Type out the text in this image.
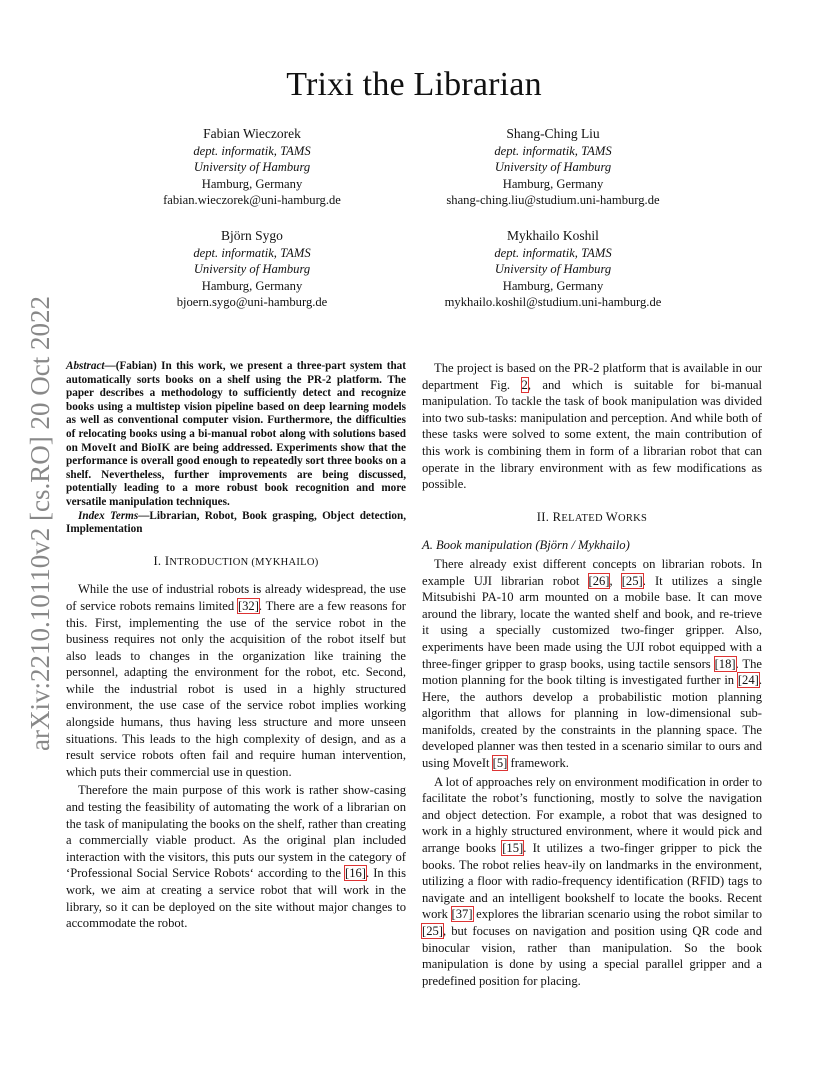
arXiv:2210.10110v2 [cs.RO] 20 Oct 2022
Trixi the Librarian
Fabian Wieczorek
dept. informatik, TAMS
University of Hamburg
Hamburg, Germany
fabian.wieczorek@uni-hamburg.de
Shang-Ching Liu
dept. informatik, TAMS
University of Hamburg
Hamburg, Germany
shang-ching.liu@studium.uni-hamburg.de
Björn Sygo
dept. informatik, TAMS
University of Hamburg
Hamburg, Germany
bjoern.sygo@uni-hamburg.de
Mykhailo Koshil
dept. informatik, TAMS
University of Hamburg
Hamburg, Germany
mykhailo.koshil@studium.uni-hamburg.de

Abstract—(Fabian) In this work, we present a three-part system that automatically sorts books on a shelf using the PR-2 platform. The paper describes a methodology to sufficiently detect and recognize books using a multistep vision pipeline based on deep learning models as well as conventional computer vision. Furthermore, the difficulties of relocating books using a bi-manual robot along with solutions based on MoveIt and BioIK are being addressed. Experiments show that the performance is overall good enough to repeatedly sort three books on a shelf. Nevertheless, further improvements are being discussed, potentially leading to a more robust book recognition and more versatile manipulation techniques.

Index Terms—Librarian, Robot, Book grasping, Object detection, Implementation

I. INTRODUCTION (MYKHAILO)

While the use of industrial robots is already widespread, the use of service robots remains limited [32]. There are a few reasons for this. First, implementing the use of the service robot in the business requires not only the acquisition of the robot itself but also leads to changes in the organization like training the personnel, adapting the environment for the robot, etc. Second, while the industrial robot is used in a highly structured environment, the use case of the service robot implies working alongside humans, thus having less structure and more unseen situations. This leads to the high complexity of design, and as a result service robots often fail and require human intervention, which puts their commercial use in question.

Therefore the main purpose of this work is rather show-casing and testing the feasibility of automating the work of a librarian on the task of manipulating the books on the shelf, rather than creating a commercially viable product. As the original plan included interaction with the visitors, this puts our system in the category of ‘Professional Social Service Robots‘ according to the [16]. In this work, we aim at creating a service robot that will work in the library, so it can be deployed on the site without major changes to accommodate the robot.

The project is based on the PR-2 platform that is available in our department Fig. 2, and which is suitable for bi-manual manipulation. To tackle the task of book manipulation was divided into two sub-tasks: manipulation and perception. And while both of these tasks were solved to some extent, the main contribution of this work is combining them in form of a librarian robot that can operate in the library environment with as few modifications as possible.

II. RELATED WORKS
A. Book manipulation (Björn / Mykhailo)

There already exist different concepts on librarian robots. In example UJI librarian robot [26], [25]. It utilizes a single Mitsubishi PA-10 arm mounted on a mobile base. It can move around the library, locate the wanted shelf and book, and re-trieve it using a specially customized two-finger gripper. Also, experiments have been made using the UJI robot equipped with a three-finger gripper to grasp books, using tactile sensors [18]. The motion planning for the book tilting is investigated further in [24]. Here, the authors develop a probabilistic motion planning algorithm that allows for planning in low-dimensional sub-manifolds, created by the constraints in the planning space. The developed planner was then tested in a scenario similar to ours and using MoveIt [5] framework.

A lot of approaches rely on environment modification in order to facilitate the robot’s functioning, mostly to solve the navigation and object detection. For example, a robot that was designed to work in a highly structured environment, where it would pick and arrange books [15]. It utilizes a two-finger gripper to pick the books. The robot relies heav-ily on landmarks in the environment, utilizing a floor with radio-frequency identification (RFID) tags to navigate and an intelligent bookshelf to locate the books. Recent work [37] explores the librarian scenario using the robot similar to [25], but focuses on navigation and position using QR code and binocular vision, rather than manipulation. So the book manipulation is done by using a special parallel gripper and a predefined position for placing.
